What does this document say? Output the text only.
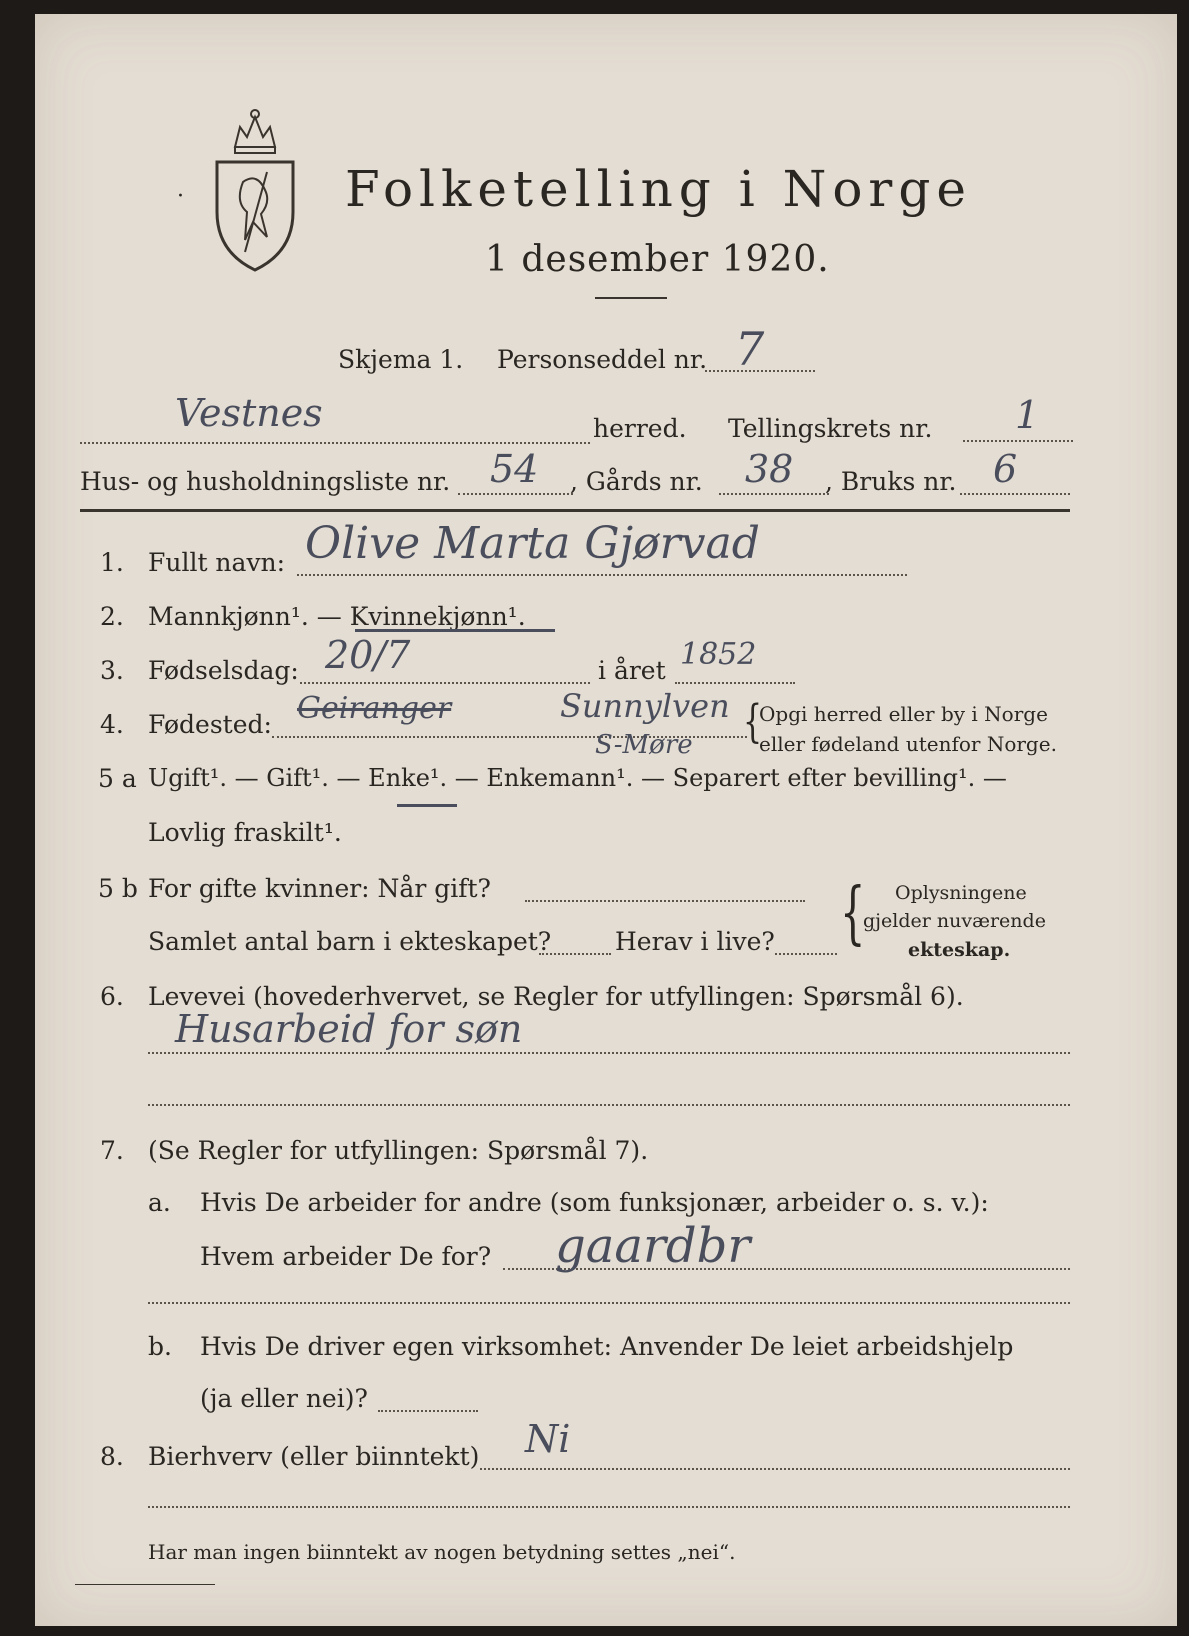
·	Folketelling i Norge
1 desember 1920.
Skjema 1. Personseddel nr. 7
Vestnes	herred. Tellingskrets nr. 1
Hus- og husholdningsliste nr. 54 , Gårds nr. 38 , Bruks nr. 6
1. Fullt navn: Olive Marta Gjørvad
2. Mannkjønn¹. — Kvinnekjønn¹.
3. Fødselsdag: 20/7	i året 1852
4. Fødested: Geiranger	Sunnylven
S-Møre {
Opgi herred eller by i Norge
eller fødeland utenfor Norge.
5 a Ugift¹. — Gift¹. — Enke¹. — Enkemann¹. — Separert efter bevilling¹. —
Lovlig fraskilt¹.
5 b For gifte kvinner: Når gift?
Samlet antal barn i ekteskapet?	Herav i live? { Oplysningene
gjelder nuværende
ekteskap.
6. Levevei (hovederhvervet, se Regler for utfyllingen: Spørsmål 6).
Husarbeid for søn
7. (Se Regler for utfyllingen: Spørsmål 7).
a. Hvis De arbeider for andre (som funksjonær, arbeider o. s. v.):
Hvem arbeider De for? gaardbr
b. Hvis De driver egen virksomhet: Anvender De leiet arbeidshjelp
(ja eller nei)?
8. Bierhverv (eller biinntekt) Ni
Har man ingen biinntekt av nogen betydning settes „nei“.
